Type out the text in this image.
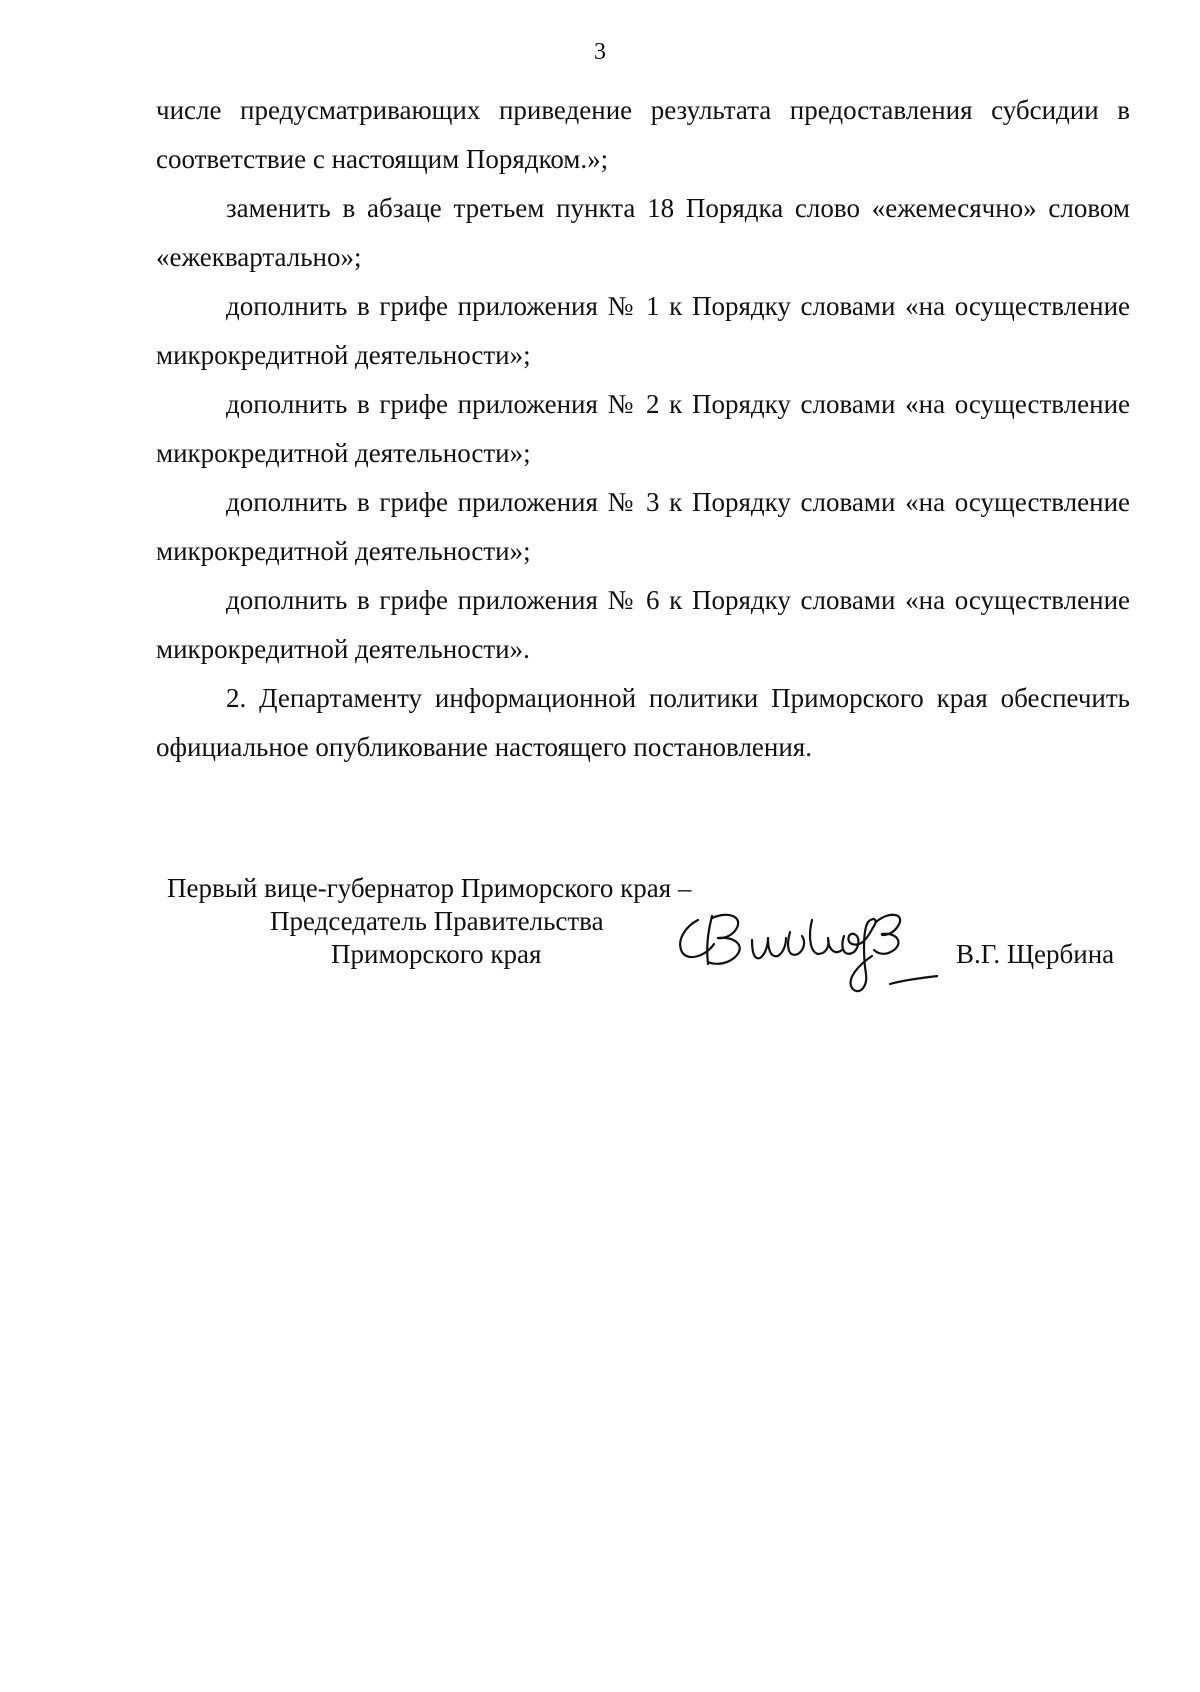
3

числе предусматривающих приведение результата предоставления субсидии в соответствие с настоящим Порядком.»;

заменить в абзаце третьем пункта 18 Порядка слово «ежемесячно» словом «ежеквартально»;

дополнить в грифе приложения № 1 к Порядку словами «на осуществление микрокредитной деятельности»;

дополнить в грифе приложения № 2 к Порядку словами «на осуществление микрокредитной деятельности»;

дополнить в грифе приложения № 3 к Порядку словами «на осуществление микрокредитной деятельности»;

дополнить в грифе приложения № 6 к Порядку словами «на осуществление микрокредитной деятельности».

2. Департаменту информационной политики Приморского края обеспечить официальное опубликование настоящего постановления.

Первый вице-губернатор Приморского края –
Председатель Правительства
Приморского края	В.Г. Щербина
